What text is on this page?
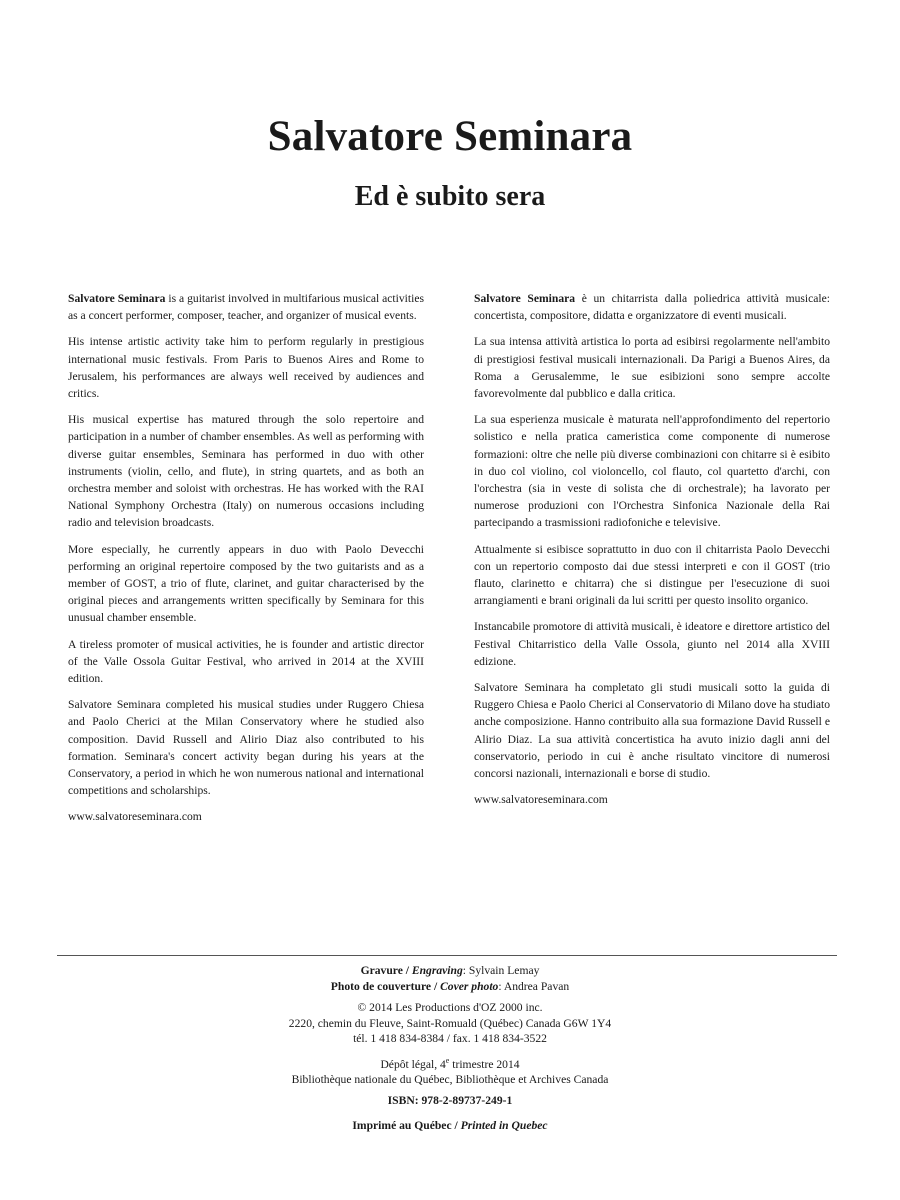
Salvatore Seminara
Ed è subito sera

Salvatore Seminara is a guitarist involved in multifarious musical activities as a concert performer, composer, teacher, and organizer of musical events.

His intense artistic activity take him to perform regularly in prestigious international music festivals. From Paris to Buenos Aires and Rome to Jerusalem, his performances are always well received by audiences and critics.

His musical expertise has matured through the solo repertoire and participation in a number of chamber ensembles. As well as performing with diverse guitar ensembles, Seminara has performed in duo with other instruments (violin, cello, and flute), in string quartets, and as both an orchestra member and soloist with orchestras. He has worked with the RAI National Symphony Orchestra (Italy) on numerous occasions including radio and television broadcasts.

More especially, he currently appears in duo with Paolo Devecchi performing an original repertoire composed by the two guitarists and as a member of GOST, a trio of flute, clarinet, and guitar characterised by the original pieces and arrangements written specifically by Seminara for this unusual chamber ensemble.

A tireless promoter of musical activities, he is founder and artistic director of the Valle Ossola Guitar Festival, who arrived in 2014 at the XVIII edition.

Salvatore Seminara completed his musical studies under Ruggero Chiesa and Paolo Cherici at the Milan Conservatory where he studied also composition. David Russell and Alirio Diaz also contributed to his formation. Seminara's concert activity began during his years at the Conservatory, a period in which he won numerous national and international competitions and scholarships.

www.salvatoreseminara.com

Salvatore Seminara è un chitarrista dalla poliedrica attività musicale: concertista, compositore, didatta e organizzatore di eventi musicali.

La sua intensa attività artistica lo porta ad esibirsi regolarmente nell'ambito di prestigiosi festival musicali internazionali. Da Parigi a Buenos Aires, da Roma a Gerusalemme, le sue esibizioni sono sempre accolte favorevolmente dal pubblico e dalla critica.

La sua esperienza musicale è maturata nell'approfondimento del repertorio solistico e nella pratica cameristica come componente di numerose formazioni: oltre che nelle più diverse combinazioni con chitarre si è esibito in duo col violino, col violoncello, col flauto, col quartetto d'archi, con l'orchestra (sia in veste di solista che di orchestrale); ha lavorato per numerose produzioni con l'Orchestra Sinfonica Nazionale della Rai partecipando a trasmissioni radiofoniche e televisive.

Attualmente si esibisce soprattutto in duo con il chitarrista Paolo Devecchi con un repertorio composto dai due stessi interpreti e con il GOST (trio flauto, clarinetto e chitarra) che si distingue per l'esecuzione di suoi arrangiamenti e brani originali da lui scritti per questo insolito organico.

Instancabile promotore di attività musicali, è ideatore e direttore artistico del Festival Chitarristico della Valle Ossola, giunto nel 2014 alla XVIII edizione.

Salvatore Seminara ha completato gli studi musicali sotto la guida di Ruggero Chiesa e Paolo Cherici al Conservatorio di Milano dove ha studiato anche composizione. Hanno contribuito alla sua formazione David Russell e Alirio Diaz. La sua attività concertistica ha avuto inizio dagli anni del conservatorio, periodo in cui è anche risultato vincitore di numerosi concorsi nazionali, internazionali e borse di studio.

www.salvatoreseminara.com

Gravure / Engraving: Sylvain Lemay
Photo de couverture / Cover photo: Andrea Pavan
© 2014 Les Productions d'OZ 2000 inc.
2220, chemin du Fleuve, Saint-Romuald (Québec) Canada G6W 1Y4
tél. 1 418 834-8384 / fax. 1 418 834-3522
Dépôt légal, 4e trimestre 2014
Bibliothèque nationale du Québec, Bibliothèque et Archives Canada
ISBN: 978-2-89737-249-1
Imprimé au Québec / Printed in Quebec
